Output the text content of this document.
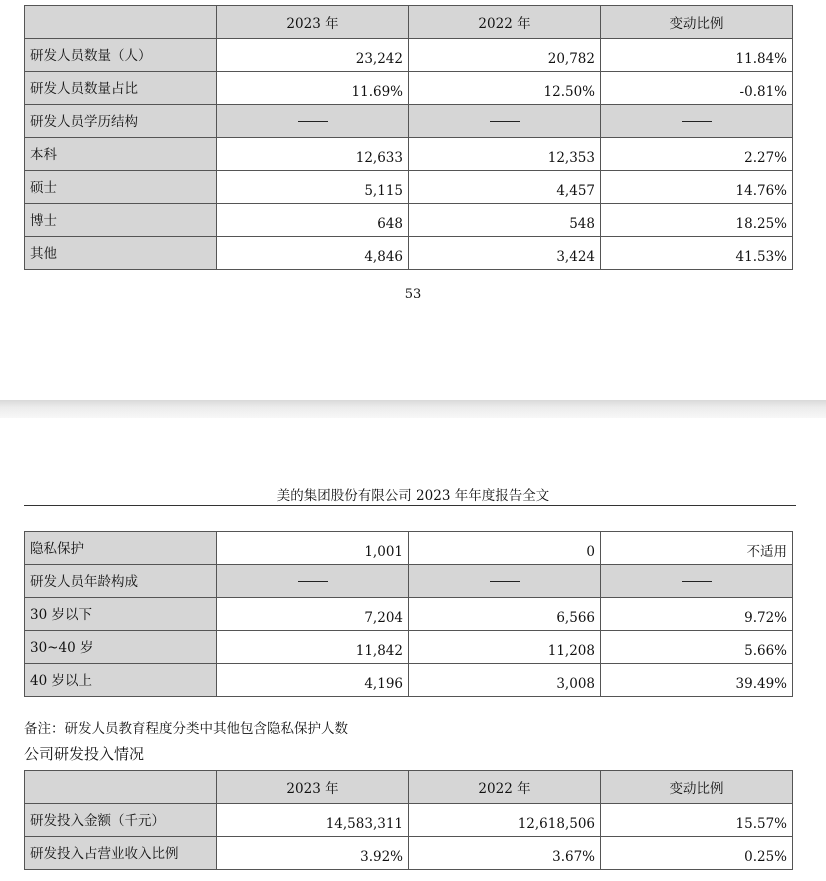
	2023 年	2022 年	变动比例
研发人员数量（人）	23,242	20,782	11.84%
研发人员数量占比	11.69%	12.50%	-0.81%
研发人员学历结构			
本科	12,633	12,353	2.27%
硕士	5,115	4,457	14.76%
博士	648	548	18.25%
其他	4,846	3,424	41.53%
53
美的集团股份有限公司 2023 年年度报告全文
隐私保护	1,001	0	不适用
研发人员年龄构成			
30 岁以下	7,204	6,566	9.72%
30~40 岁	11,842	11,208	5.66%
40 岁以上	4,196	3,008	39.49%
备注：研发人员教育程度分类中其他包含隐私保护人数
公司研发投入情况
	2023 年	2022 年	变动比例
研发投入金额（千元）	14,583,311	12,618,506	15.57%
研发投入占营业收入比例	3.92%	3.67%	0.25%
